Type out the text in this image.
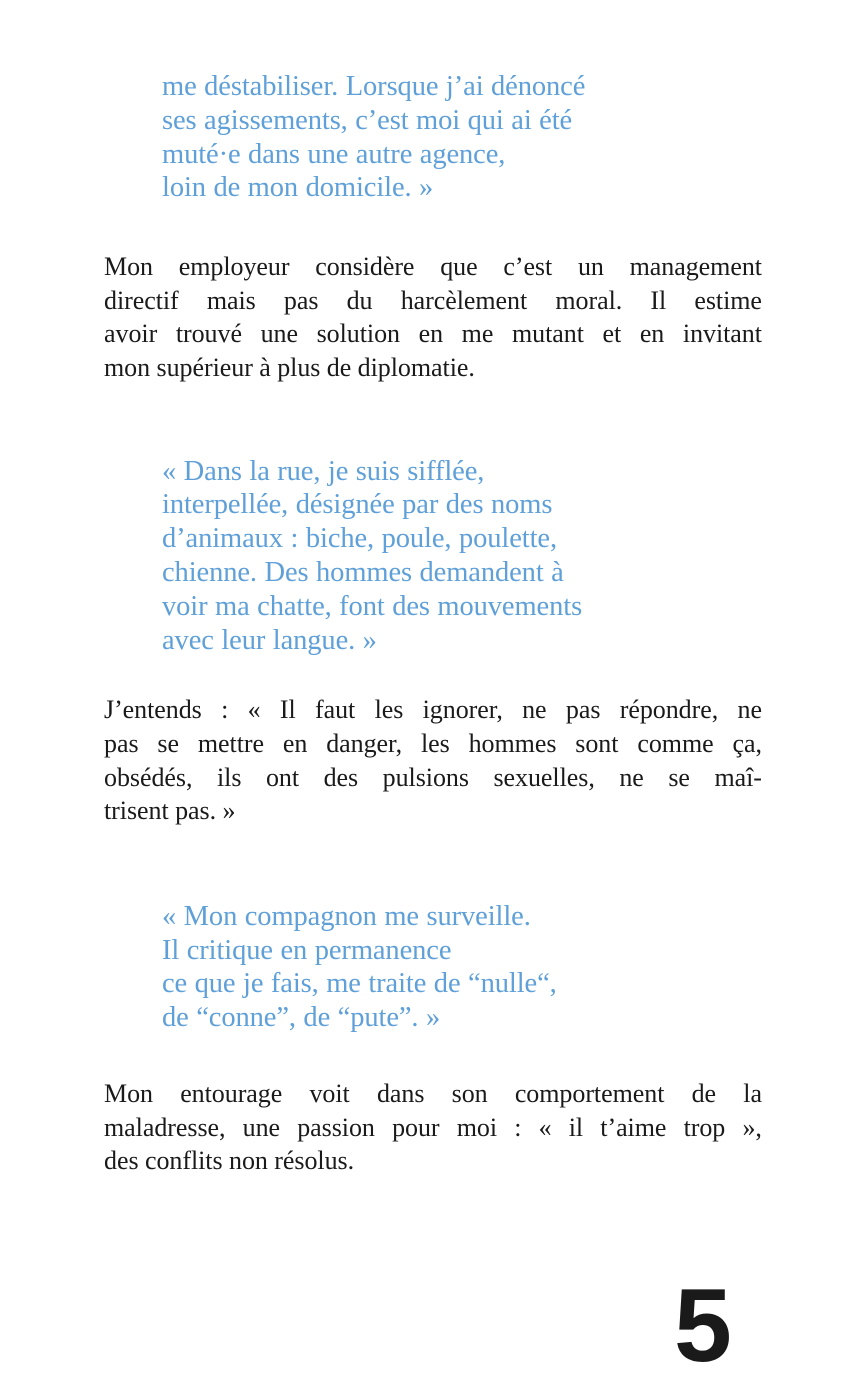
me déstabiliser. Lorsque j’ai dénoncé
ses agissements, c’est moi qui ai été
muté·e dans une autre agence,
loin de mon domicile. »
Mon employeur considère que c’est un management
directif mais pas du harcèlement moral. Il estime
avoir trouvé une solution en me mutant et en invitant
mon supérieur à plus de diplomatie.
« Dans la rue, je suis sifflée,
interpellée, désignée par des noms
d’animaux : biche, poule, poulette,
chienne. Des hommes demandent à
voir ma chatte, font des mouvements
avec leur langue. »
J’entends : « Il faut les ignorer, ne pas répondre, ne
pas se mettre en danger, les hommes sont comme ça,
obsédés, ils ont des pulsions sexuelles, ne se maî-
trisent pas. »
« Mon compagnon me surveille.
Il critique en permanence
ce que je fais, me traite de “nulle“,
de “conne”, de “pute”. »
Mon entourage voit dans son comportement de la
maladresse, une passion pour moi : « il t’aime trop »,
des conflits non résolus.
5
